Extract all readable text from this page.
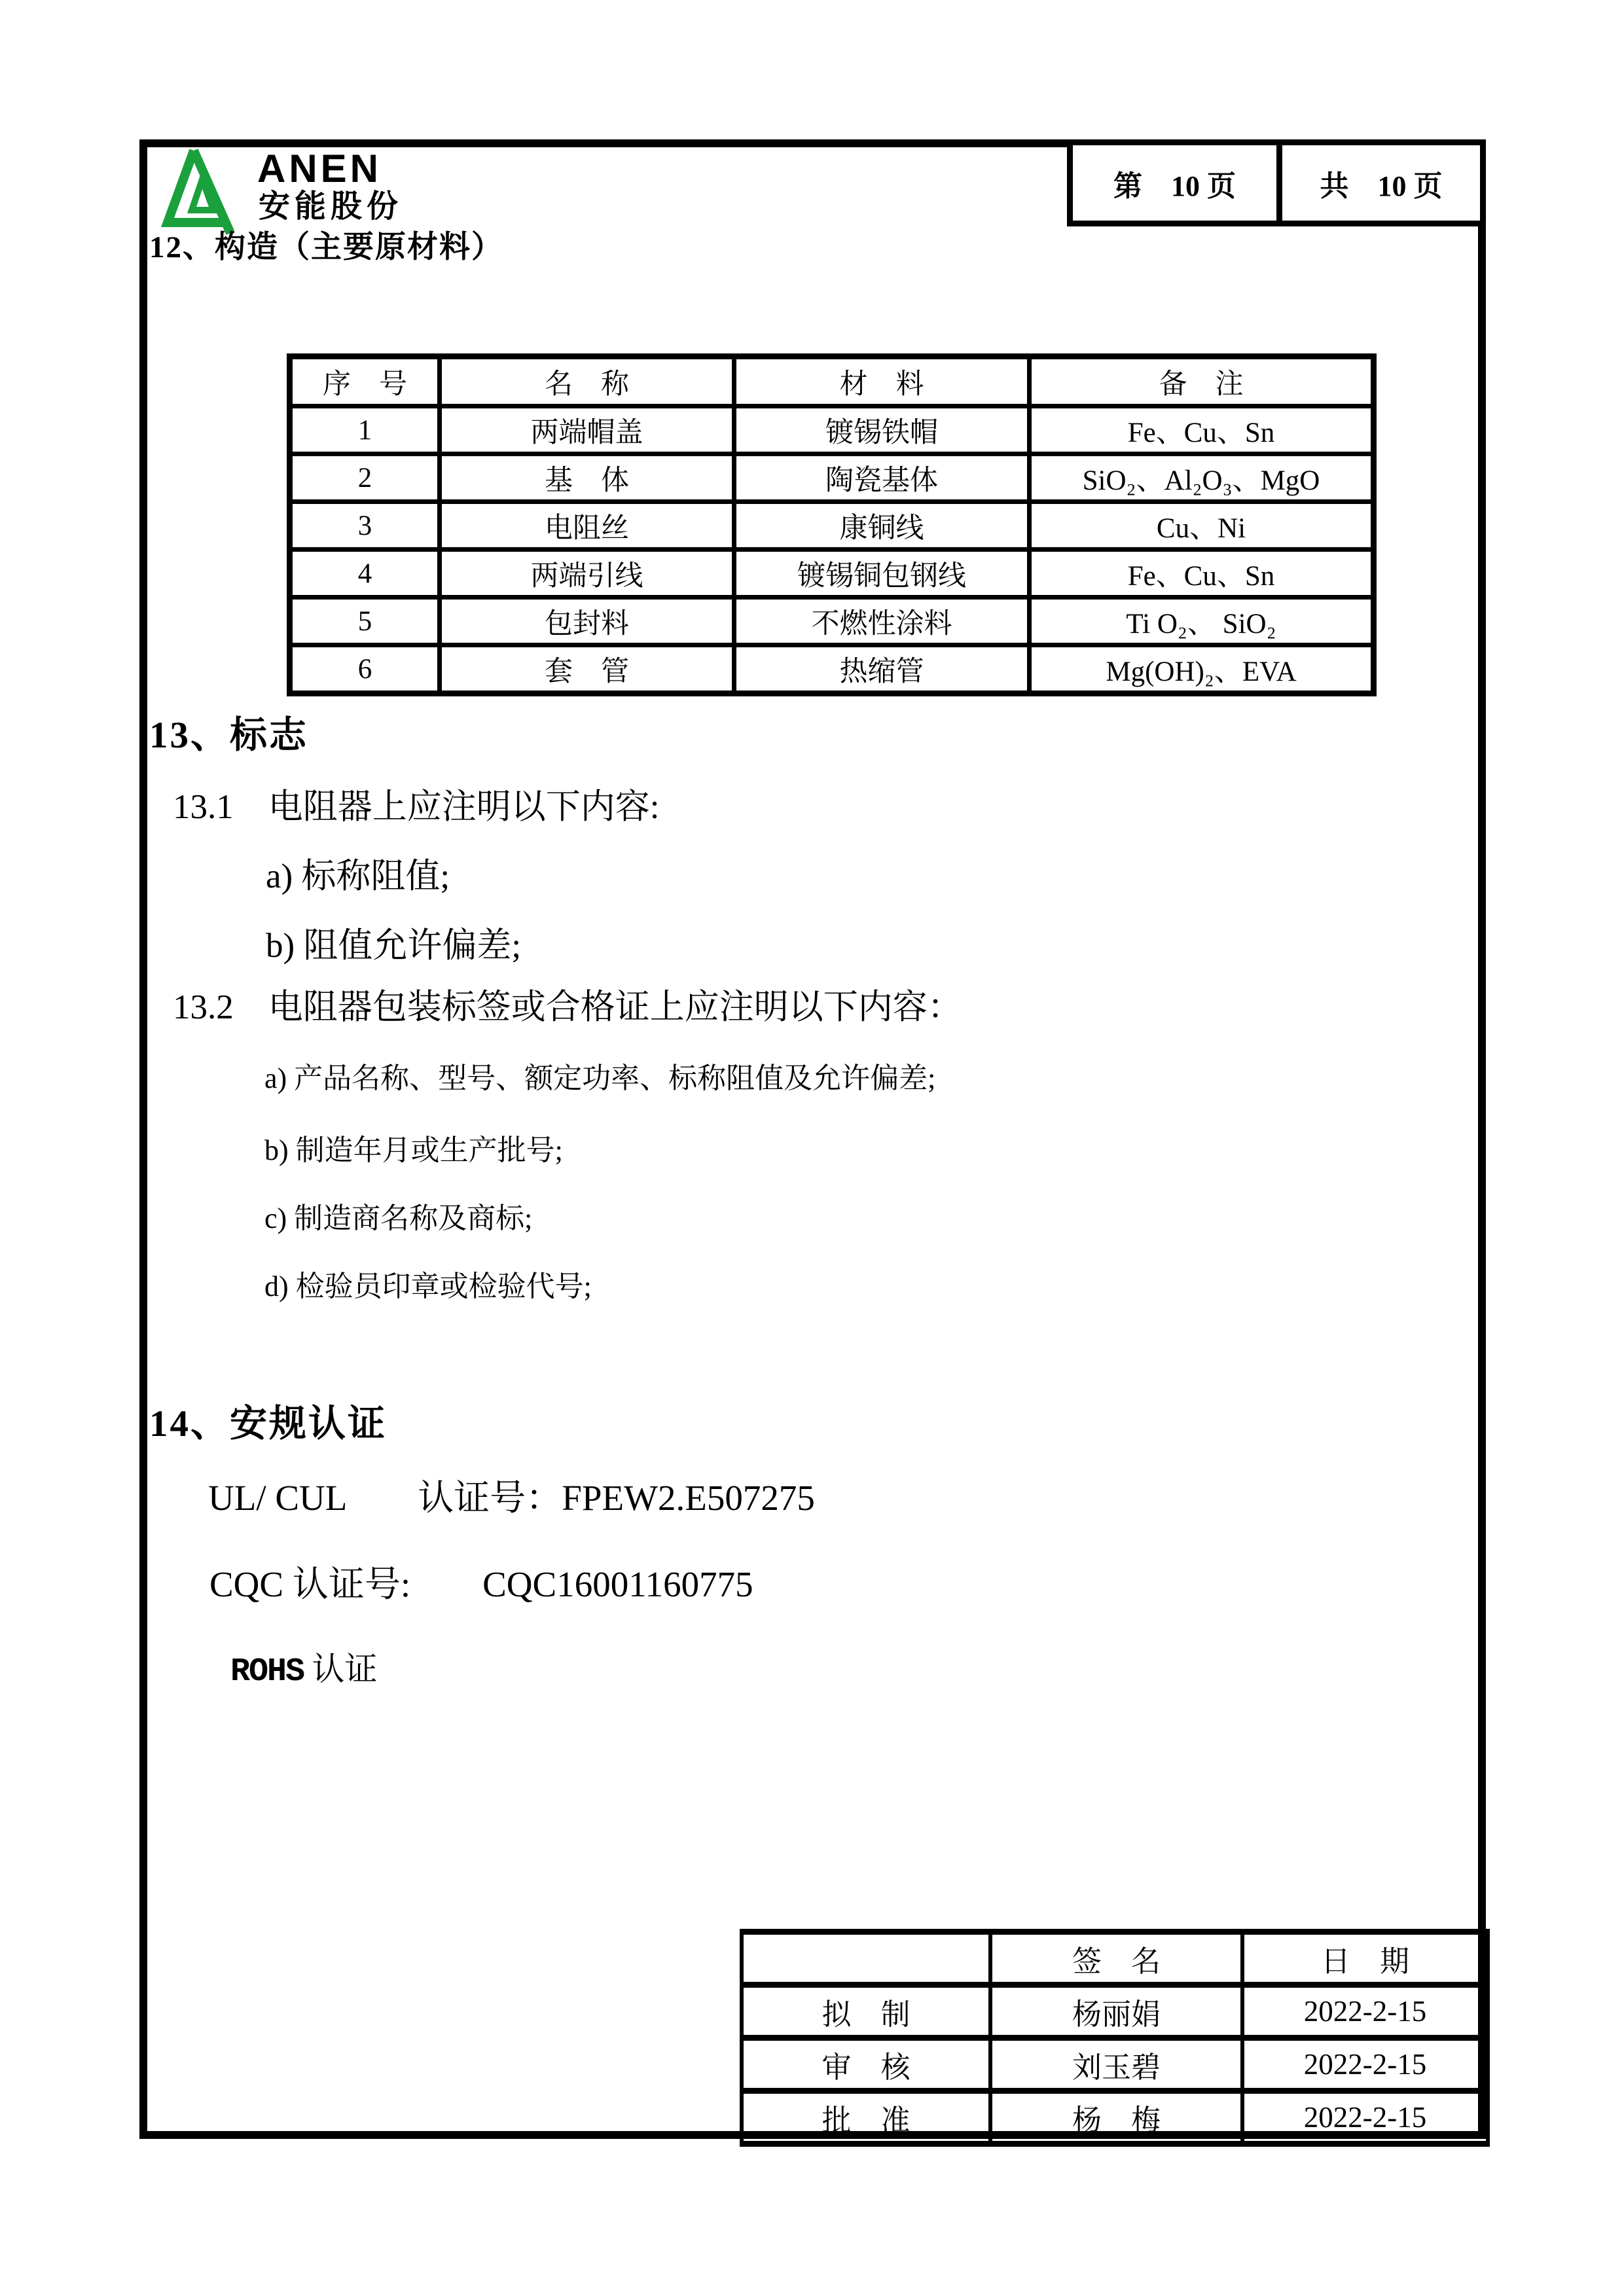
ANEN
安能股份
第　10 页	共　10 页
12、构造（主要原材料）
序　号	名　称	材　料	备　注
1	两端帽盖	镀锡铁帽	Fe、Cu、Sn
2	基　体	陶瓷基体	SiO₂、Al₂O₃、MgO
3	电阻丝	康铜线	Cu、Ni
4	两端引线	镀锡铜包钢线	Fe、Cu、Sn
5	包封料	不燃性涂料	Ti O₂、 SiO₂
6	套　管	热缩管	Mg(OH)₂、EVA
13、标志
13.1　电阻器上应注明以下内容:
a) 标称阻值;
b) 阻值允许偏差;
13.2　电阻器包装标签或合格证上应注明以下内容：
a) 产品名称、型号、额定功率、标称阻值及允许偏差;
b) 制造年月或生产批号;
c) 制造商名称及商标;
d) 检验员印章或检验代号;
14、安规认证
UL/ CUL　　认证号：FPEW2.E507275
CQC 认证号:　　CQC16001160775
ROHS 认证
	签　名	日　期
拟　制	杨丽娟	2022-2-15
审　核	刘玉碧	2022-2-15
批　准	杨　梅	2022-2-15
